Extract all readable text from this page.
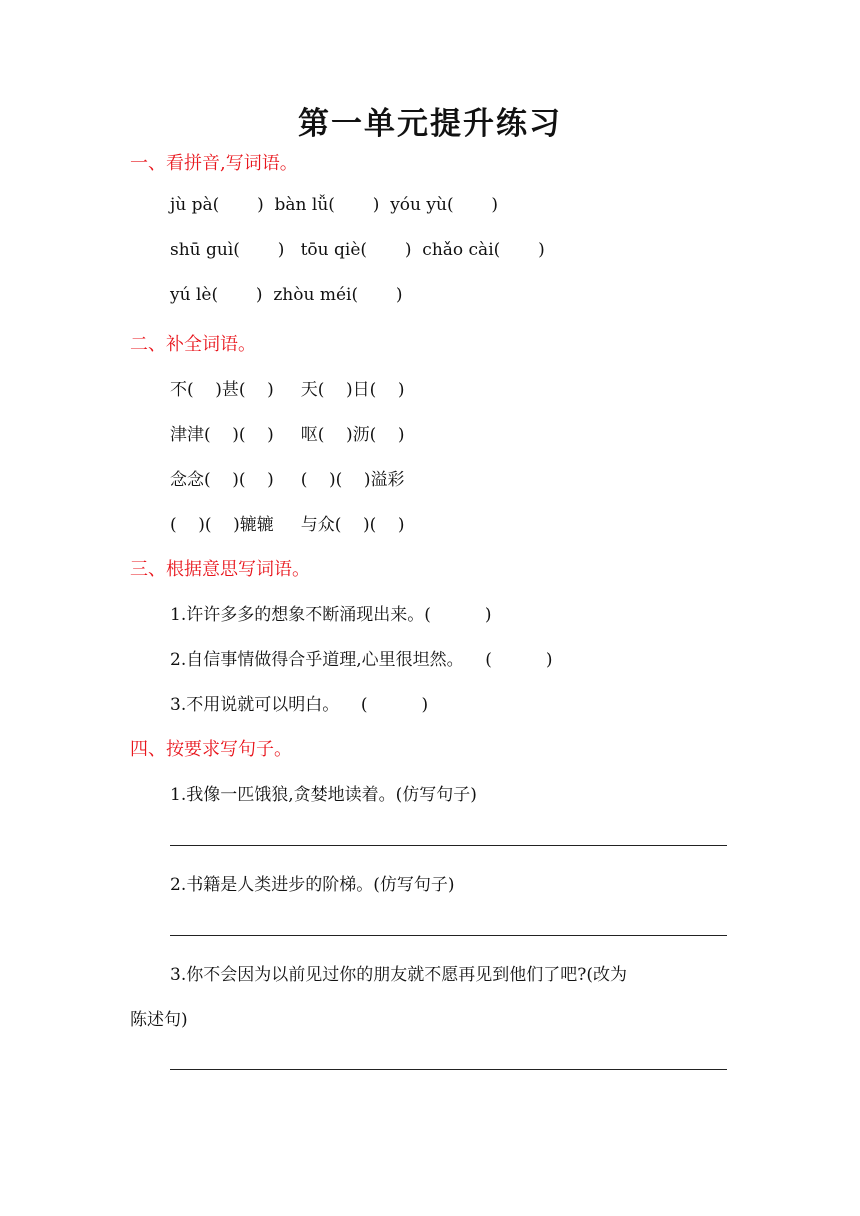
第一单元提升练习
一、看拼音,写词语。
jù pà(       )  bàn lǚ(       )  yóu yù(       )
shū guì(       )   tōu qiè(       )  chǎo cài(       )
yú lè(       )  zhòu méi(       )
二、补全词语。
不(    )甚(    )     天(    )日(    )
津津(    )(    )     呕(    )沥(    )
念念(    )(    )     (    )(    )溢彩
(    )(    )辘辘     与众(    )(    )
三、根据意思写词语。
1.许许多多的想象不断涌现出来。(          )
2.自信事情做得合乎道理,心里很坦然。    (          )
3.不用说就可以明白。    (          )
四、按要求写句子。
1.我像一匹饿狼,贪婪地读着。(仿写句子)
2.书籍是人类进步的阶梯。(仿写句子)
3.你不会因为以前见过你的朋友就不愿再见到他们了吧?(改为
陈述句)
